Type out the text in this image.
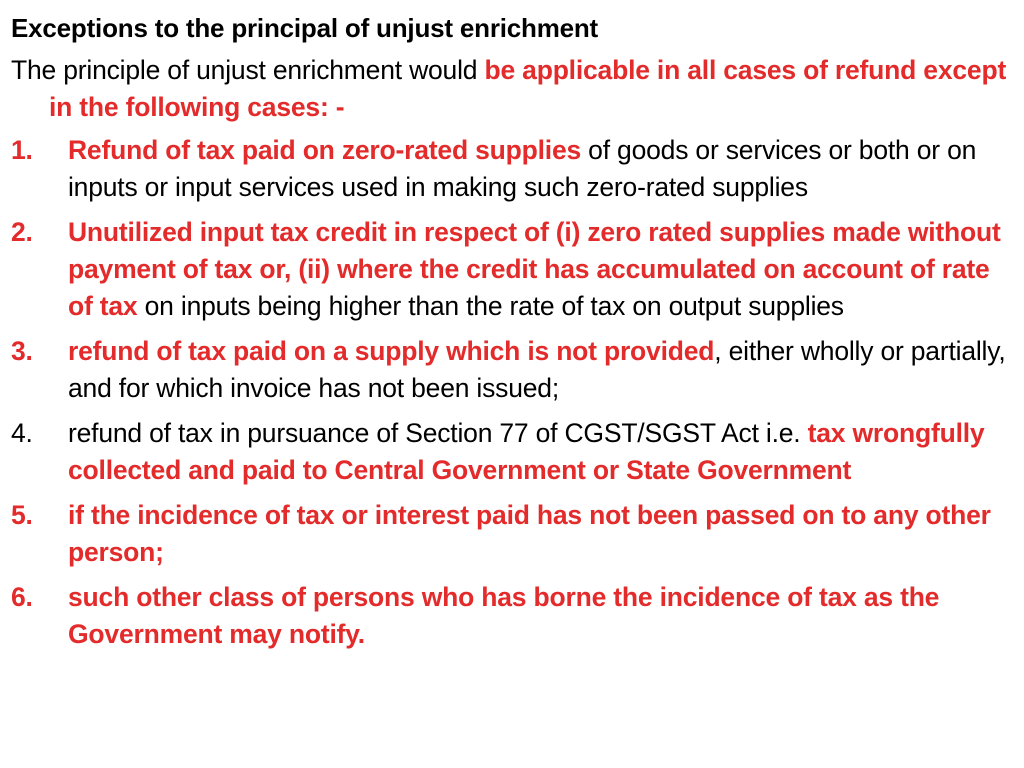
Exceptions to the principal of unjust enrichment
The principle of unjust enrichment would be applicable in all cases of refund except in the following cases: -
1.	Refund of tax paid on zero-rated supplies of goods or services or both or on inputs or input services used in making such zero-rated supplies
2.	Unutilized input tax credit in respect of (i) zero rated supplies made without payment of tax or, (ii) where the credit has accumulated on account of rate of tax on inputs being higher than the rate of tax on output supplies
3.	refund of tax paid on a supply which is not provided, either wholly or partially, and for which invoice has not been issued;
4.	refund of tax in pursuance of Section 77 of CGST/SGST Act i.e. tax wrongfully collected and paid to Central Government or State Government
5.	if the incidence of tax or interest paid has not been passed on to any other person;
6.	such other class of persons who has borne the incidence of tax as the Government may notify.
